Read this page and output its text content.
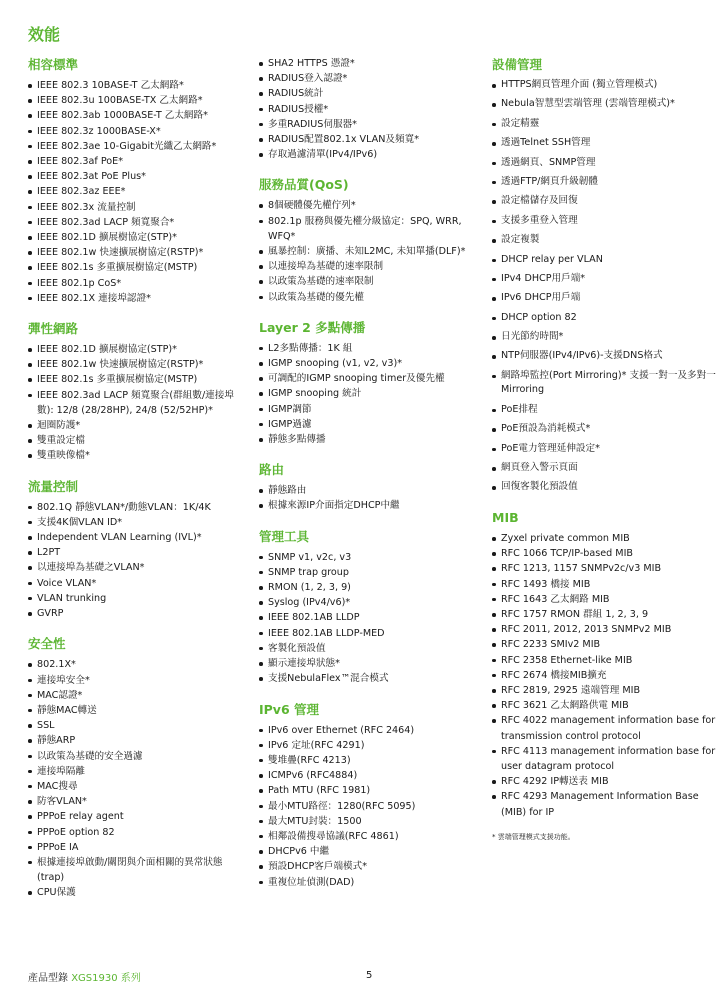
效能
相容標準
IEEE 802.3 10BASE-T 乙太網路*
IEEE 802.3u 100BASE-TX 乙太網路*
IEEE 802.3ab 1000BASE-T 乙太網路*
IEEE 802.3z 1000BASE-X*
IEEE 802.3ae 10-Gigabit光纖乙太網路*
IEEE 802.3af PoE*
IEEE 802.3at PoE Plus*
IEEE 802.3az EEE*
IEEE 802.3x 流量控制
IEEE 802.3ad LACP 頻寬聚合*
IEEE 802.1D 擴展樹協定(STP)*
IEEE 802.1w 快速擴展樹協定(RSTP)*
IEEE 802.1s 多重擴展樹協定(MSTP)
IEEE 802.1p CoS*
IEEE 802.1X 連接埠認證*
彈性網路
IEEE 802.1D 擴展樹協定(STP)*
IEEE 802.1w 快速擴展樹協定(RSTP)*
IEEE 802.1s 多重擴展樹協定(MSTP)
IEEE 802.3ad LACP 頻寬聚合(群組數/連接埠數): 12/8 (28/28HP), 24/8 (52/52HP)*
迴圈防護*
雙重設定檔
雙重映像檔*
流量控制
802.1Q 靜態VLAN*/動態VLAN：1K/4K
支援4K個VLAN ID*
Independent VLAN Learning (IVL)*
L2PT
以連接埠為基礎之VLAN*
Voice VLAN*
VLAN trunking
GVRP
安全性
802.1X*
連接埠安全*
MAC認證*
靜態MAC轉送
SSL
靜態ARP
以政策為基礎的安全過濾
連接埠隔離
MAC搜尋
防客VLAN*
PPPoE relay agent
PPPoE option 82
PPPoE IA
根據連接埠啟動/關閉與介面相關的異常狀態(trap)
CPU保護
SHA2 HTTPS 憑證*
RADIUS登入認證*
RADIUS統計
RADIUS授權*
多重RADIUS伺服器*
RADIUS配置802.1x VLAN及頻寬*
存取過濾清單(IPv4/IPv6)
服務品質(QoS)
8個硬體優先權佇列*
802.1p 服務與優先權分級協定：SPQ, WRR, WFQ*
風暴控制：廣播、未知L2MC, 未知單播(DLF)*
以連接埠為基礎的速率限制
以政策為基礎的速率限制
以政策為基礎的優先權
Layer 2 多點傳播
L2多點傳播：1K 組
IGMP snooping (v1, v2, v3)*
可調配的IGMP snooping timer及優先權
IGMP snooping 統計
IGMP調節
IGMP過濾
靜態多點傳播
路由
靜態路由
根據來源IP介面指定DHCP中繼
管理工具
SNMP v1, v2c, v3
SNMP trap group
RMON (1, 2, 3, 9)
Syslog (IPv4/v6)*
IEEE 802.1AB LLDP
IEEE 802.1AB LLDP-MED
客製化預設值
顯示連接埠狀態*
支援NebulaFlex™混合模式
IPv6 管理
IPv6 over Ethernet (RFC 2464)
IPv6 定址(RFC 4291)
雙堆疊(RFC 4213)
ICMPv6 (RFC4884)
Path MTU (RFC 1981)
最小MTU路徑：1280(RFC 5095)
最大MTU封裝：1500
相鄰設備搜尋協議(RFC 4861)
DHCPv6 中繼
預設DHCP客戶端模式*
重複位址偵測(DAD)
設備管理
HTTPS網頁管理介面 (獨立管理模式)
Nebula智慧型雲端管理 (雲端管理模式)*
設定精靈
透過Telnet SSH管理
透過網頁、SNMP管理
透過FTP/網頁升級韌體
設定檔儲存及回復
支援多重登入管理
設定複製
DHCP relay per VLAN
IPv4 DHCP用戶端*
IPv6 DHCP用戶端
DHCP option 82
日光節約時間*
NTP伺服器(IPv4/IPv6)-支援DNS格式
網路埠監控(Port Mirroring)* 支援一對一及多對一Mirroring
PoE排程
PoE預設為消耗模式*
PoE電力管理延伸設定*
網頁登入警示頁面
回復客製化預設值
MIB
Zyxel private common MIB
RFC 1066 TCP/IP-based MIB
RFC 1213, 1157 SNMPv2c/v3 MIB
RFC 1493 橋接 MIB
RFC 1643 乙太網路 MIB
RFC 1757 RMON 群組 1, 2, 3, 9
RFC 2011, 2012, 2013 SNMPv2 MIB
RFC 2233 SMIv2 MIB
RFC 2358 Ethernet-like MIB
RFC 2674 橋接MIB擴充
RFC 2819, 2925 遠端管理 MIB
RFC 3621 乙太網路供電 MIB
RFC 4022 management information base for transmission control protocol
RFC 4113 management information base for user datagram protocol
RFC 4292 IP轉送表 MIB
RFC 4293 Management Information Base (MIB) for IP
* 雲端管理模式支援功能。
產品型錄 XGS1930 系列	5
